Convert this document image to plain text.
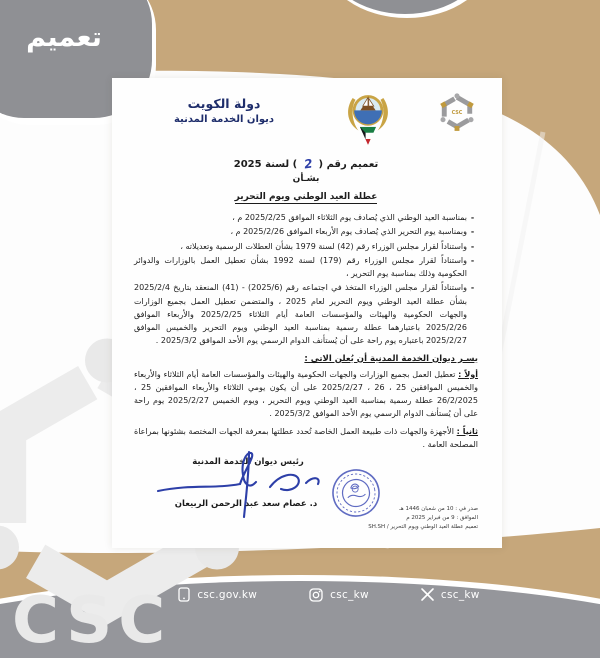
CSC
تعميم
CSC
دولة الكويت
ديوان الخدمة المدنية
تعميم رقم ( 2 ) لسنة 2025
بشـأن
عطلة العيد الوطني ويوم التحرير
-
بمناسبة العيد الوطني الذي يُصادف يوم الثلاثاء الموافق 2025/2/25 م ،
-
وبمناسبة يوم التحرير الذي يُصادف يوم الأربعاء الموافق 2025/2/26 م ،
-
واستناداً لقرار مجلس الوزراء رقم (42) لسنة 1979 بشأن العطلات الرسمية وتعديلاته ،
-
واستناداً لقرار مجلس الوزراء رقم (179) لسنة 1992 بشأن تعطيل العمل بالوزارات والدوائر الحكومية وذلك بمناسبة يوم التحرير ،
-
واستناداً لقرار مجلس الوزراء المتخذ في اجتماعه رقم (2025/6) - (41) المنعقد بتاريخ 2025/2/4 بشأن عطلة العيد الوطني ويوم التحرير لعام 2025 ، والمتضمن تعطيل العمل بجميع الوزارات والجهات الحكومية والهيئات والمؤسسات العامة أيام الثلاثاء 2025/2/25 والأربعاء الموافق 2025/2/26 باعتبارهما عطلة رسمية بمناسبة العيد الوطني ويوم التحرير والخميس الموافق 2025/2/27 باعتباره يوم راحة على أن يُستأنف الدوام الرسمي يوم الأحد الموافق 2025/3/2 .
يسـر ديوان الخدمة المدنية أن يُعلن الاتي :
أولاً : تعطيل العمل بجميع الوزارات والجهات الحكومية والهيئات والمؤسسات العامة أيام الثلاثاء والأربعاء والخميس الموافقين 25 ، 26 ، 2025/2/27 على أن يكون يومي الثلاثاء والأربعاء الموافقين 25 ، 26/2/2025 عطلة رسمية بمناسبة العيد الوطني ويوم التحرير ، ويوم الخميس 2025/2/27 يوم راحة على أن يُستأنف الدوام الرسمي يوم الأحد الموافق 2025/3/2 .
ثانياً : الأجهزة والجهات ذات طبيعة العمل الخاصة تُحدد عطلتها بمعرفة الجهات المختصة بشئونها بمراعاة المصلحة العامة .
رئيس ديوان الخدمة المدنية
د. عصام سعد عبد الرحمن الربيعان	صدر في : 10 من شعبان 1446 هـ
الموافق : 9 من فبراير 2025 م
تعميم عطلة العيد الوطني ويوم التحرير / SH.SH
csc.gov.kw	csc_kw	csc_kw
